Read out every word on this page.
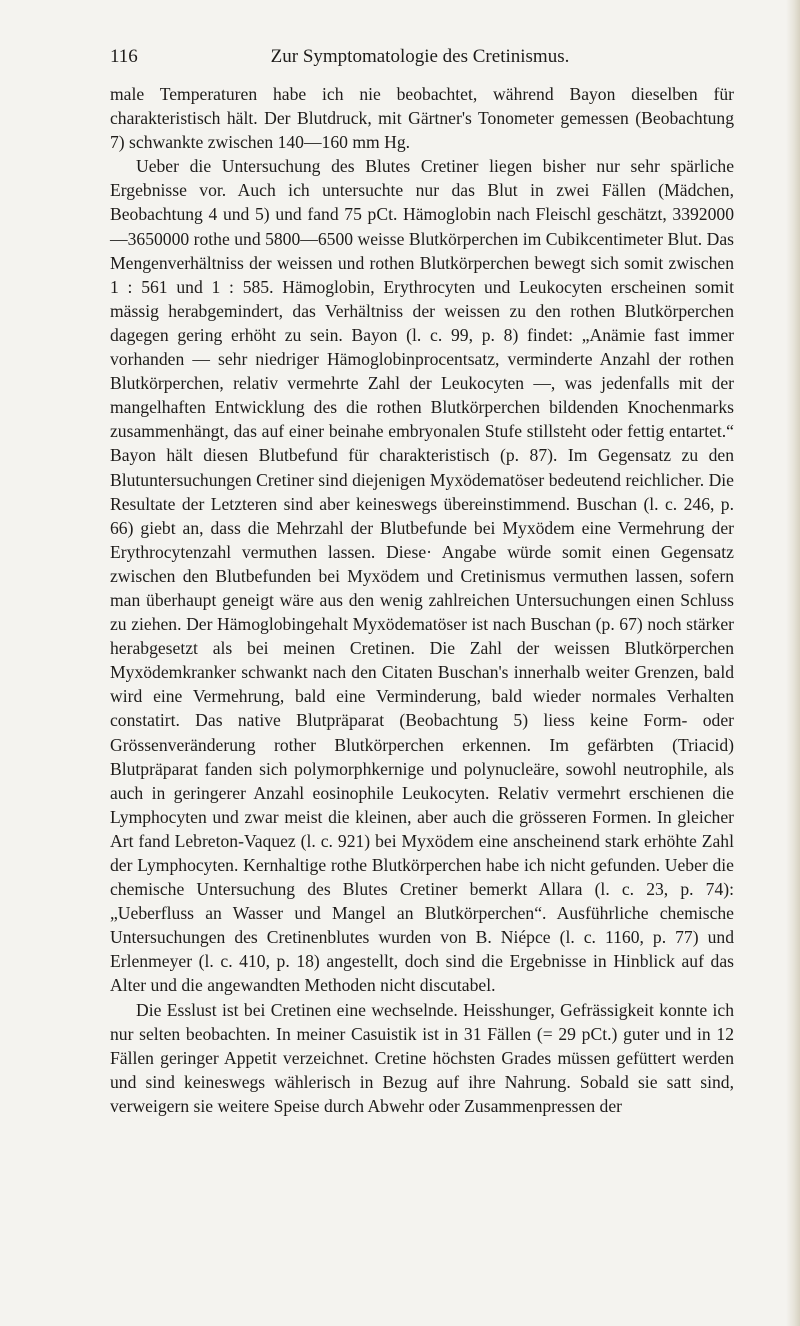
116	Zur Symptomatologie des Cretinismus.

male Temperaturen habe ich nie beobachtet, während Bayon dieselben für charakteristisch hält. Der Blutdruck, mit Gärtner's Tonometer gemessen (Beobachtung 7) schwankte zwischen 140—160 mm Hg.

Ueber die Untersuchung des Blutes Cretiner liegen bisher nur sehr spärliche Ergebnisse vor. Auch ich untersuchte nur das Blut in zwei Fällen (Mädchen, Beobachtung 4 und 5) und fand 75 pCt. Hämoglobin nach Fleischl geschätzt, 3392000—3650000 rothe und 5800—6500 weisse Blutkörperchen im Cubikcentimeter Blut. Das Mengenverhältniss der weissen und rothen Blutkörperchen bewegt sich somit zwischen 1 : 561 und 1 : 585. Hämoglobin, Erythrocyten und Leukocyten erscheinen somit mässig herabgemindert, das Verhältniss der weissen zu den rothen Blutkörperchen dagegen gering erhöht zu sein. Bayon (l. c. 99, p. 8) findet: „Anämie fast immer vorhanden — sehr niedriger Hämoglobinprocentsatz, verminderte Anzahl der rothen Blutkörperchen, relativ vermehrte Zahl der Leukocyten —, was jedenfalls mit der mangelhaften Entwicklung des die rothen Blutkörperchen bildenden Knochenmarks zusammenhängt, das auf einer beinahe embryonalen Stufe stillsteht oder fettig entartet.“ Bayon hält diesen Blutbefund für charakteristisch (p. 87). Im Gegensatz zu den Blutuntersuchungen Cretiner sind diejenigen Myxödematöser bedeutend reichlicher. Die Resultate der Letzteren sind aber keineswegs übereinstimmend. Buschan (l. c. 246, p. 66) giebt an, dass die Mehrzahl der Blutbefunde bei Myxödem eine Vermehrung der Erythrocytenzahl vermuthen lassen. Diese· Angabe würde somit einen Gegensatz zwischen den Blutbefunden bei Myxödem und Cretinismus vermuthen lassen, sofern man überhaupt geneigt wäre aus den wenig zahlreichen Untersuchungen einen Schluss zu ziehen. Der Hämoglobingehalt Myxödematöser ist nach Buschan (p. 67) noch stärker herabgesetzt als bei meinen Cretinen. Die Zahl der weissen Blutkörperchen Myxödemkranker schwankt nach den Citaten Buschan's innerhalb weiter Grenzen, bald wird eine Vermehrung, bald eine Verminderung, bald wieder normales Verhalten constatirt. Das native Blutpräparat (Beobachtung 5) liess keine Form- oder Grössenveränderung rother Blutkörperchen erkennen. Im gefärbten (Triacid) Blutpräparat fanden sich polymorphkernige und polynucleäre, sowohl neutrophile, als auch in geringerer Anzahl eosinophile Leukocyten. Relativ vermehrt erschienen die Lymphocyten und zwar meist die kleinen, aber auch die grösseren Formen. In gleicher Art fand Lebreton-Vaquez (l. c. 921) bei Myxödem eine anscheinend stark erhöhte Zahl der Lymphocyten. Kernhaltige rothe Blutkörperchen habe ich nicht gefunden. Ueber die chemische Untersuchung des Blutes Cretiner bemerkt Allara (l. c. 23, p. 74): „Ueberfluss an Wasser und Mangel an Blutkörperchen“. Ausführliche chemische Untersuchungen des Cretinenblutes wurden von B. Niépce (l. c. 1160, p. 77) und Erlenmeyer (l. c. 410, p. 18) angestellt, doch sind die Ergebnisse in Hinblick auf das Alter und die angewandten Methoden nicht discutabel.

Die Esslust ist bei Cretinen eine wechselnde. Heisshunger, Gefrässigkeit konnte ich nur selten beobachten. In meiner Casuistik ist in 31 Fällen (= 29 pCt.) guter und in 12 Fällen geringer Appetit verzeichnet. Cretine höchsten Grades müssen gefüttert werden und sind keineswegs wählerisch in Bezug auf ihre Nahrung. Sobald sie satt sind, verweigern sie weitere Speise durch Abwehr oder Zusammenpressen der
